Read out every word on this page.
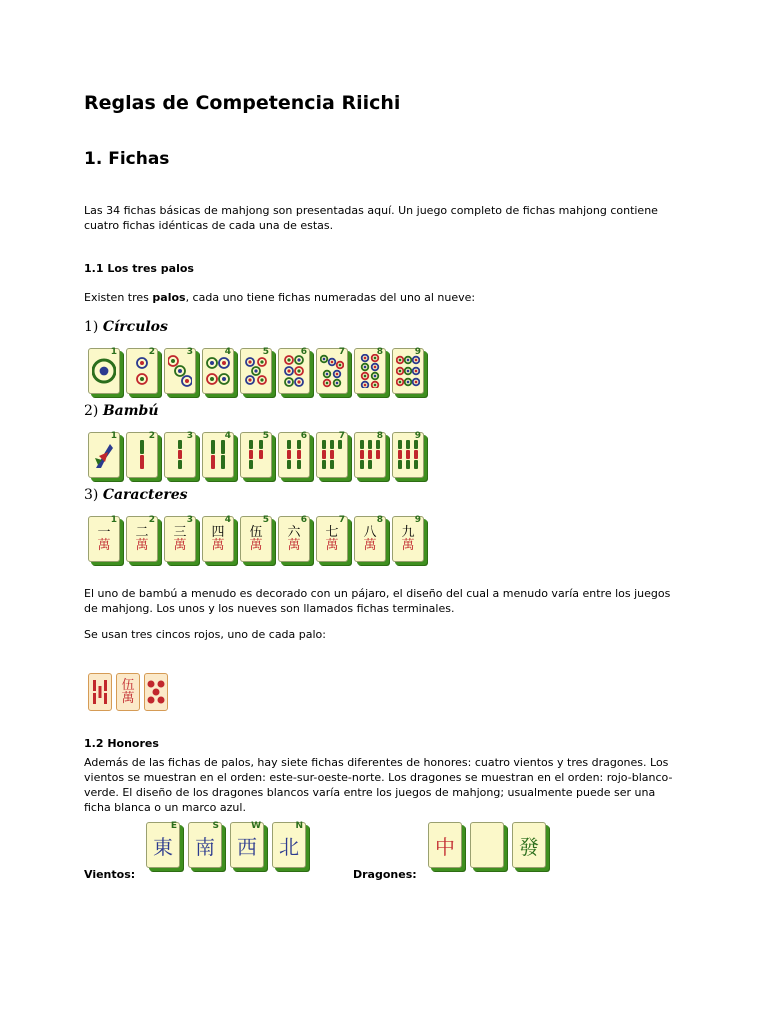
Reglas de Competencia Riichi
1. Fichas
Las 34 fichas básicas de mahjong son presentadas aquí. Un juego completo de fichas mahjong contiene cuatro fichas idénticas de cada una de estas.
1.1 Los tres palos
Existen tres palos, cada uno tiene fichas numeradas del uno al nueve:
1) Círculos
1	2	3	4	5	6	7	8	9
2) Bambú
1	2	3	4	5	6	7	8	9
3) Caracteres
1
一
萬
2
二
萬
3
三
萬
4
四
萬
5
伍
萬
6
六
萬
7
七
萬
8
八
萬
9
九
萬
El uno de bambú a menudo es decorado con un pájaro, el diseño del cual a menudo varía entre los juegos de mahjong. Los unos y los nueves son llamados fichas terminales.
Se usan tres cincos rojos, uno de cada palo:
伍
萬
1.2 Honores
Además de las fichas de palos, hay siete fichas diferentes de honores: cuatro vientos y tres dragones. Los vientos se muestran en el orden: este-sur-oeste-norte. Los dragones se muestran en el orden: rojo-blanco-verde. El diseño de los dragones blancos varía entre los juegos de mahjong; usualmente puede ser una ficha blanca o un marco azul.
Vientos:
E
東
S
南
W
西
N
北
Dragones:
中	發
